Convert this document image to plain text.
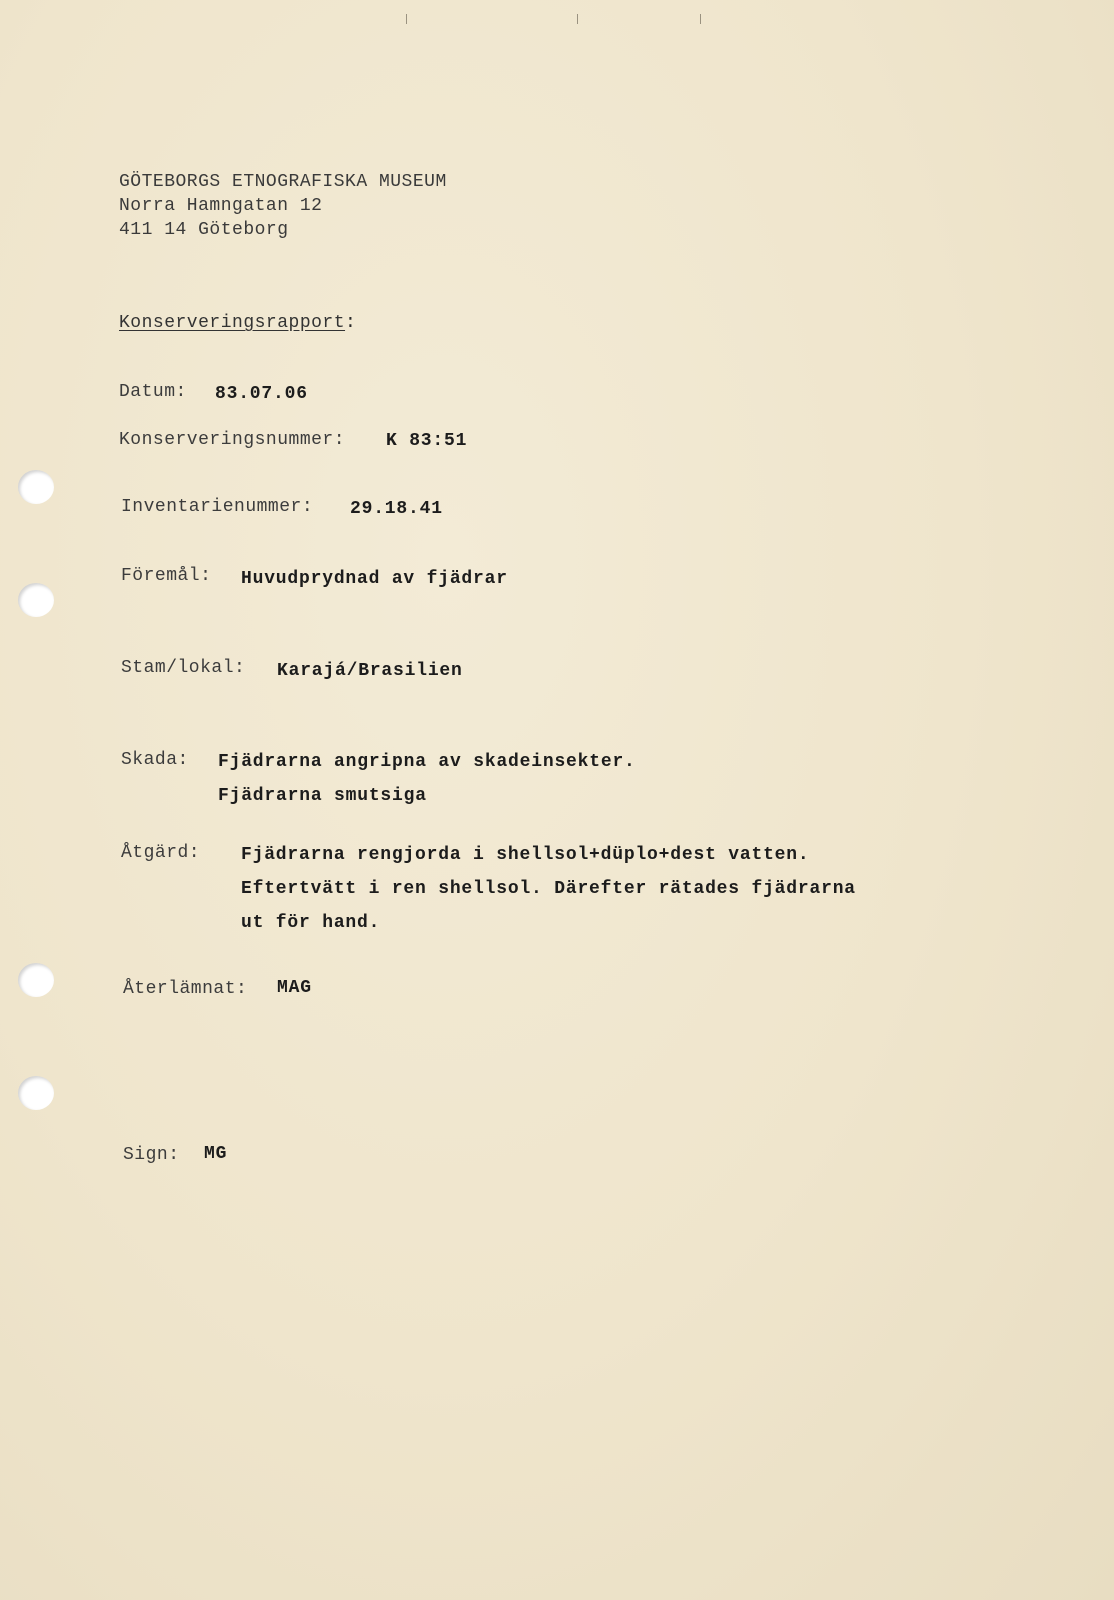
GÖTEBORGS ETNOGRAFISKA MUSEUM
Norra Hamngatan 12
411 14 Göteborg
Konserveringsrapport:
Datum: 83.07.06
Konserveringsnummer: K 83:51
Inventarienummer: 29.18.41
Föremål: Huvudprydnad av fjädrar
Stam/lokal: Karajá/Brasilien
Skada: Fjädrarna angripna av skadeinsekter.
Fjädrarna smutsiga
Åtgärd: Fjädrarna rengjorda i shellsol+düplo+dest vatten.
Eftertvätt i ren shellsol. Därefter rätades fjädrarna
ut för hand.
Återlämnat: MAG
Sign: MG
